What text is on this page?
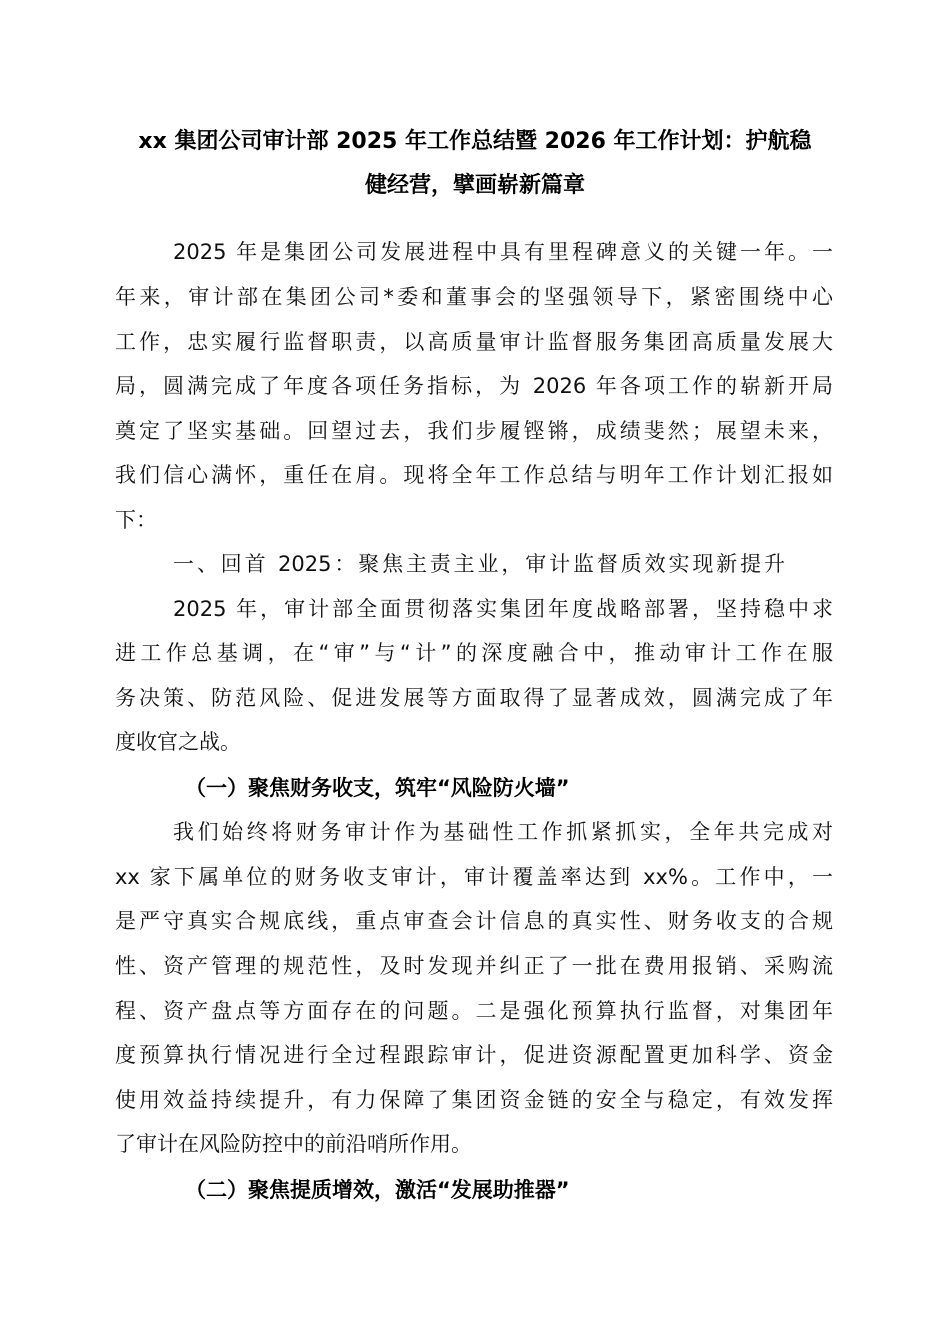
xx 集团公司审计部 2025 年工作总结暨 2026 年工作计划：护航稳
健经营，擘画崭新篇章
2025 年是集团公司发展进程中具有里程碑意义的关键一年。一
年来，审计部在集团公司*委和董事会的坚强领导下，紧密围绕中心
工作，忠实履行监督职责，以高质量审计监督服务集团高质量发展大
局，圆满完成了年度各项任务指标，为 2026 年各项工作的崭新开局
奠定了坚实基础。回望过去，我们步履铿锵，成绩斐然；展望未来，
我们信心满怀，重任在肩。现将全年工作总结与明年工作计划汇报如
下：
一、回首 2025：聚焦主责主业，审计监督质效实现新提升
2025 年，审计部全面贯彻落实集团年度战略部署，坚持稳中求
进工作总基调，在“审”与“计”的深度融合中，推动审计工作在服
务决策、防范风险、促进发展等方面取得了显著成效，圆满完成了年
度收官之战。
（一）聚焦财务收支，筑牢“风险防火墙”
我们始终将财务审计作为基础性工作抓紧抓实，全年共完成对
xx 家下属单位的财务收支审计，审计覆盖率达到 xx%。工作中，一
是严守真实合规底线，重点审查会计信息的真实性、财务收支的合规
性、资产管理的规范性，及时发现并纠正了一批在费用报销、采购流
程、资产盘点等方面存在的问题。二是强化预算执行监督，对集团年
度预算执行情况进行全过程跟踪审计，促进资源配置更加科学、资金
使用效益持续提升，有力保障了集团资金链的安全与稳定，有效发挥
了审计在风险防控中的前沿哨所作用。
（二）聚焦提质增效，激活“发展助推器”
